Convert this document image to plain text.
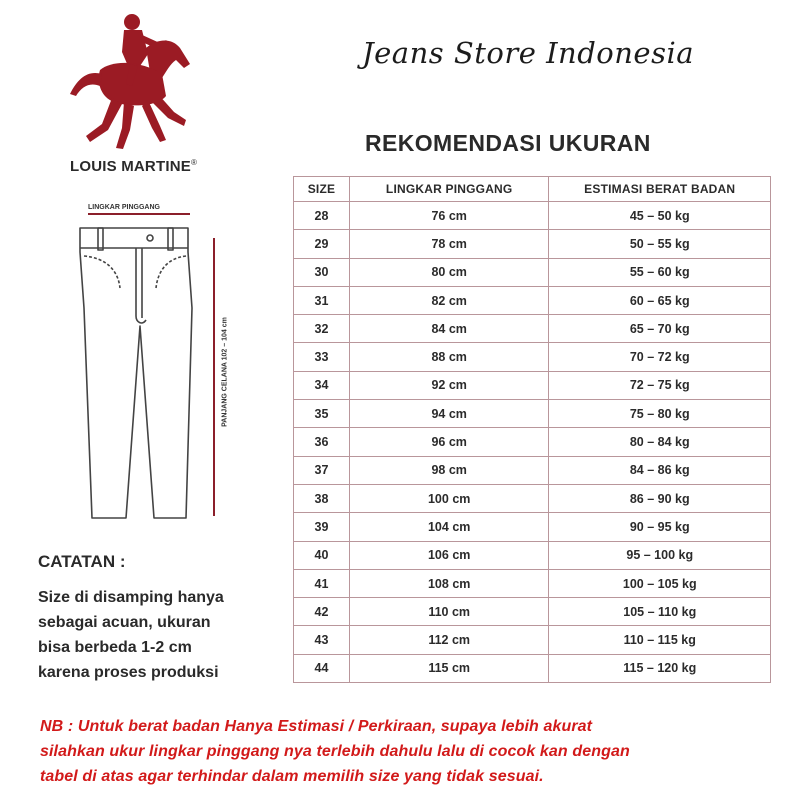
LOUIS MARTINE®
Jeans Store Indonesia
REKOMENDASI UKURAN
LINGKAR PINGGANG
PANJANG CELANA 102 – 104 cm
SIZE	LINGKAR PINGGANG	ESTIMASI BERAT BADAN
28	76 cm	45 – 50 kg
29	78 cm	50 – 55 kg
30	80 cm	55 – 60 kg
31	82 cm	60 – 65 kg
32	84 cm	65 – 70 kg
33	88 cm	70 – 72 kg
34	92 cm	72 – 75 kg
35	94 cm	75 – 80 kg
36	96 cm	80 – 84 kg
37	98 cm	84 – 86 kg
38	100 cm	86 – 90 kg
39	104 cm	90 – 95 kg
40	106 cm	95 – 100 kg
41	108 cm	100 – 105 kg
42	110 cm	105 – 110 kg
43	112 cm	110 – 115 kg
44	115 cm	115 – 120 kg
CATATAN :
Size di disamping hanya
sebagai acuan, ukuran
bisa berbeda 1-2 cm
karena proses produksi
NB : Untuk berat badan Hanya Estimasi / Perkiraan, supaya lebih akurat
silahkan ukur lingkar pinggang nya terlebih dahulu lalu di cocok kan dengan
tabel di atas agar terhindar dalam memilih size yang tidak sesuai.
